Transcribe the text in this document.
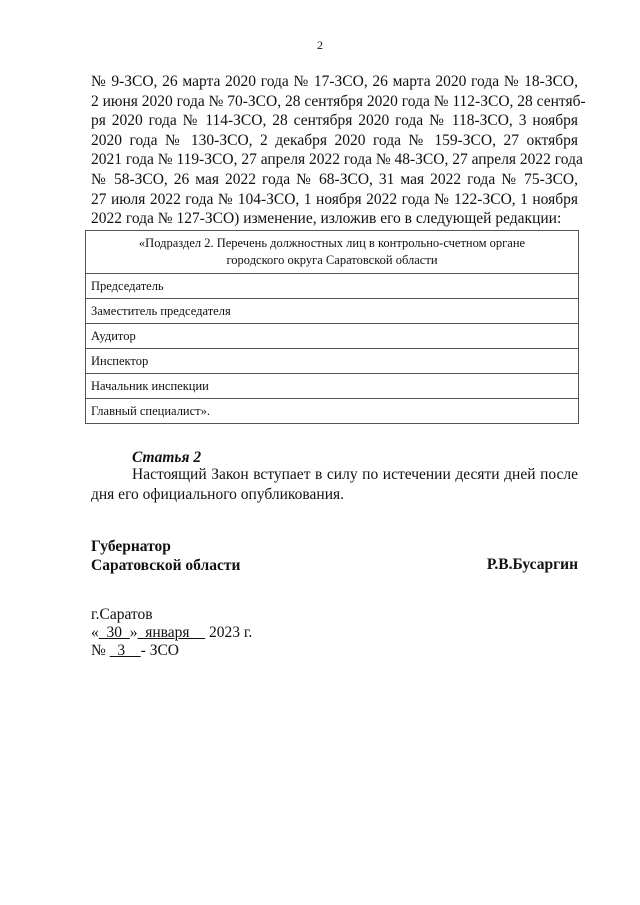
2
№ 9-ЗСО, 26 марта 2020 года № 17-ЗСО, 26 марта 2020 года № 18-ЗСО,
2 июня 2020 года № 70-ЗСО, 28 сентября 2020 года № 112-ЗСО, 28 сентяб-
ря 2020 года № 114-ЗСО, 28 сентября 2020 года № 118-ЗСО, 3 ноября
2020 года № 130-ЗСО, 2 декабря 2020 года № 159-ЗСО, 27 октября
2021 года № 119-ЗСО, 27 апреля 2022 года № 48-ЗСО, 27 апреля 2022 года
№ 58-ЗСО, 26 мая 2022 года № 68-ЗСО, 31 мая 2022 года № 75-ЗСО,
27 июля 2022 года № 104-ЗСО, 1 ноября 2022 года № 122-ЗСО, 1 ноября
2022 года № 127-ЗСО) изменение, изложив его в следующей редакции:
«Подраздел 2. Перечень должностных лиц в контрольно-счетном органе
городского округа Саратовской области
Председатель
Заместитель председателя
Аудитор
Инспектор
Начальник инспекции
Главный специалист».
Статья 2
Настоящий Закон вступает в силу по истечении десяти дней после
дня его официального опубликования.
Губернатор
Саратовской области	Р.В.Бусаргин
г.Саратов
«  30  »  января     2023 г.
№   3    - ЗСО
